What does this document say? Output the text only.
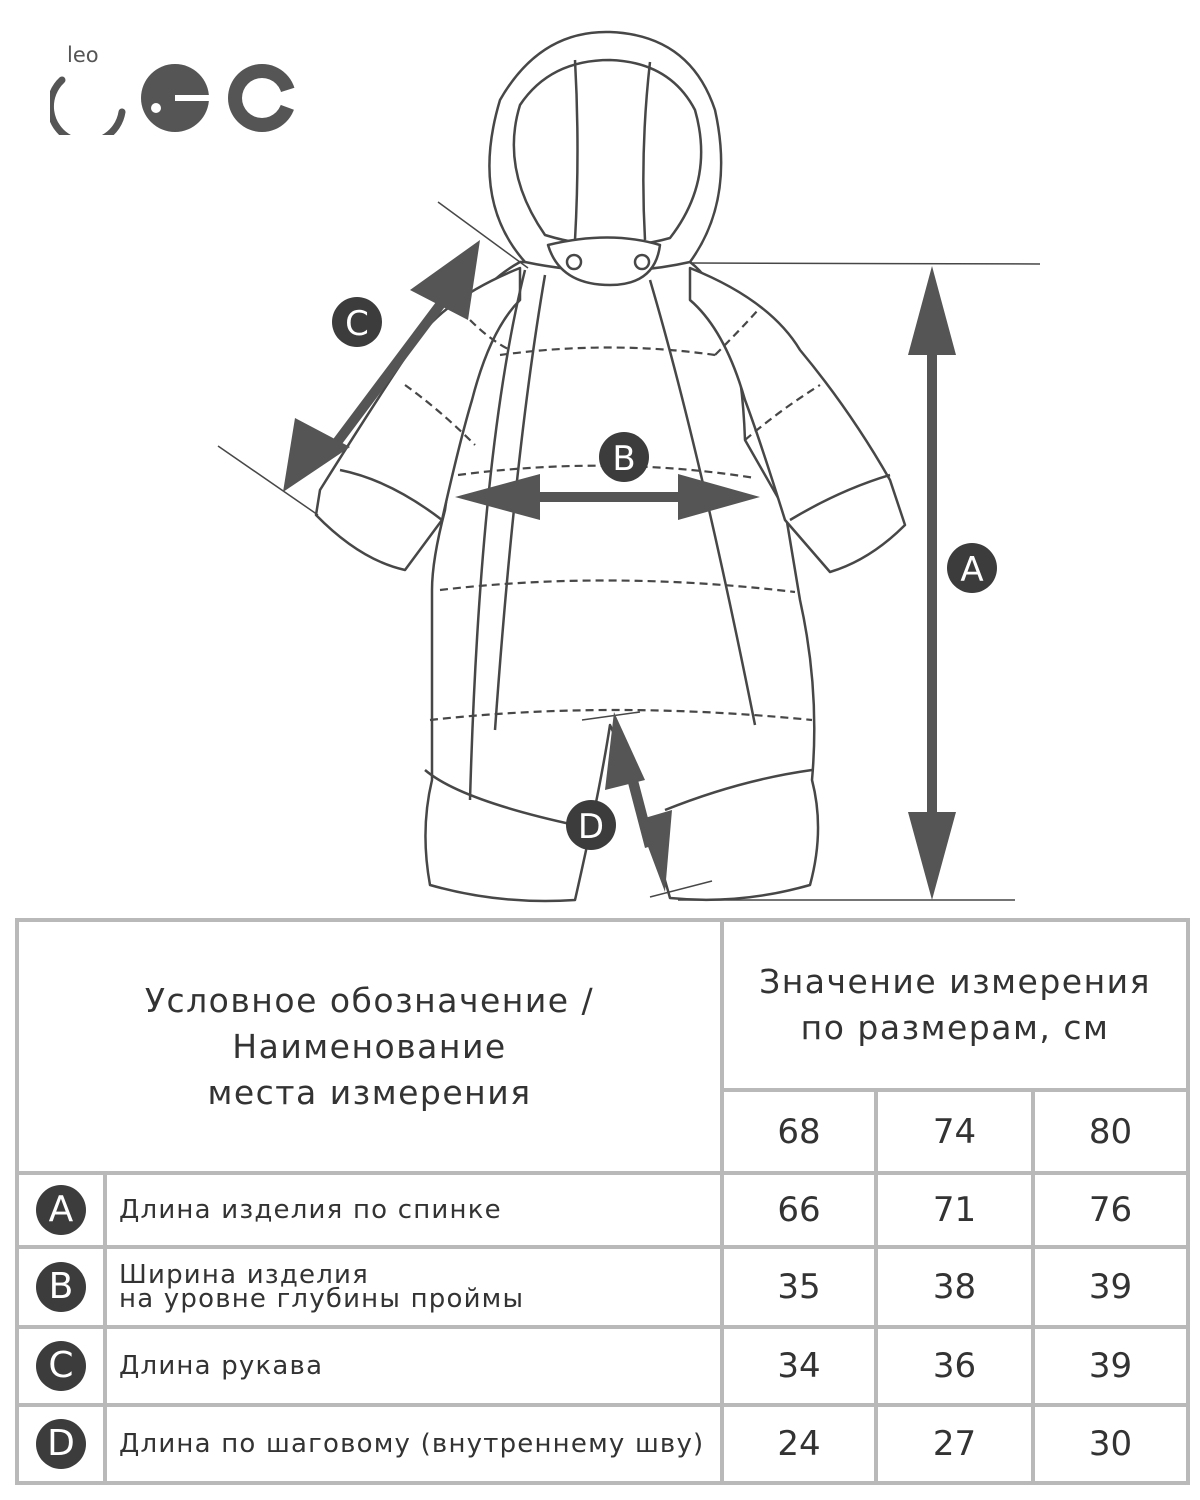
leo
A
B
C
D
Условное обозначение /
Наименование
места измерения		Значение измерения
по размерам, см		

		68	74	80
A	Длина изделия по спинке	66	71	76
B	Ширина изделия
на уровне глубины проймы	35	38	39
C	Длина рукава	34	36	39
D	Длина по шаговому (внутреннему шву)	24	27	30
